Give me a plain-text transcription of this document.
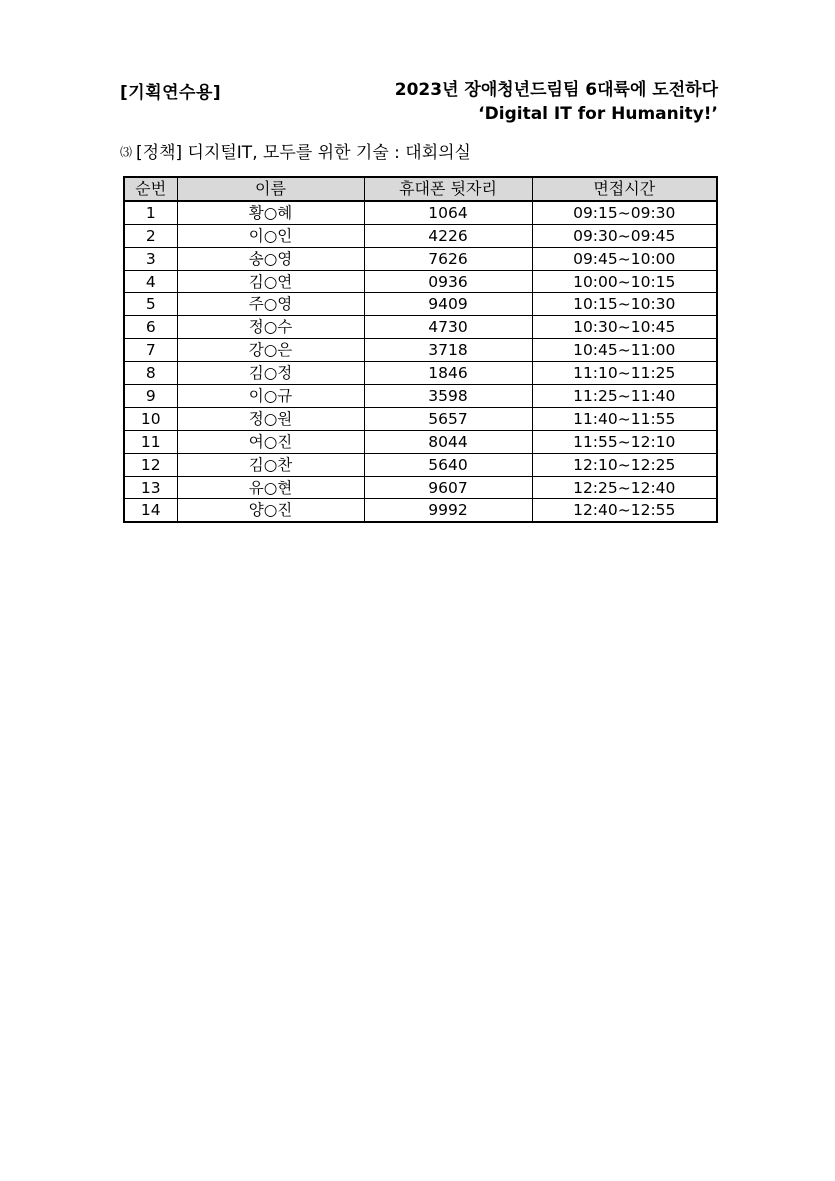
[기획연수용]	2023년 장애청년드림팀 6대륙에 도전하다
‘Digital IT for Humanity!’
⑶ [정책] 디지털IT, 모두를 위한 기술 : 대회의실
순번	이름	휴대폰 뒷자리	면접시간
1	황○혜	1064	09:15~09:30
2	이○인	4226	09:30~09:45
3	송○영	7626	09:45~10:00
4	김○연	0936	10:00~10:15
5	주○영	9409	10:15~10:30
6	정○수	4730	10:30~10:45
7	강○은	3718	10:45~11:00
8	김○정	1846	11:10~11:25
9	이○규	3598	11:25~11:40
10	정○원	5657	11:40~11:55
11	여○진	8044	11:55~12:10
12	김○찬	5640	12:10~12:25
13	유○현	9607	12:25~12:40
14	양○진	9992	12:40~12:55
